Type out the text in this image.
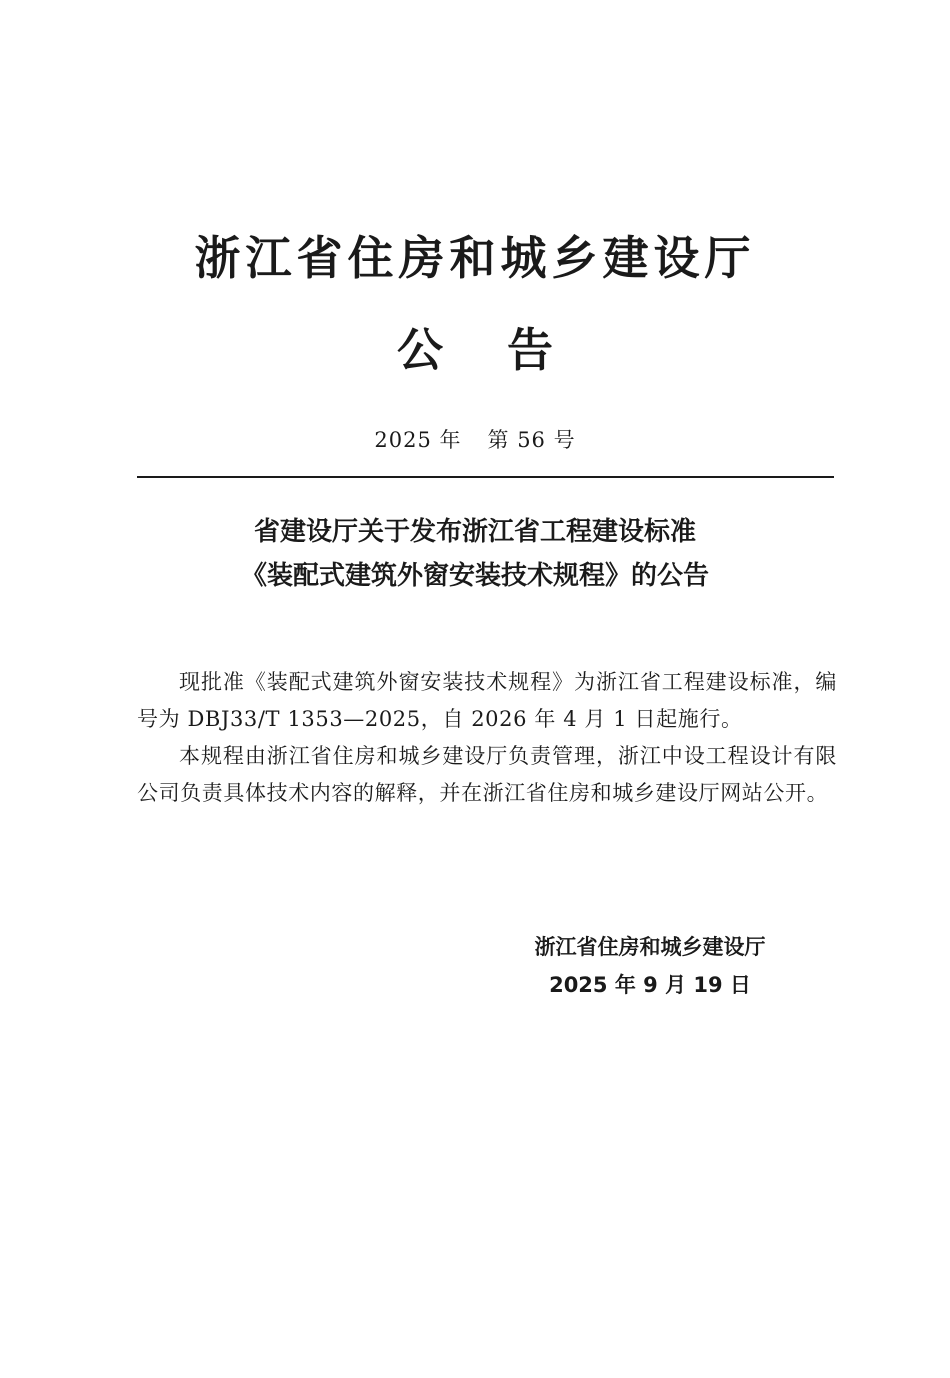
浙江省住房和城乡建设厅
公 告
2025 年 第 56 号
省建设厅关于发布浙江省工程建设标准
《装配式建筑外窗安装技术规程》的公告

现批准《装配式建筑外窗安装技术规程》为浙江省工程建设标准，编号为 DBJ33/T 1353—2025，自 2026 年 4 月 1 日起施行。

本规程由浙江省住房和城乡建设厅负责管理，浙江中设工程设计有限公司负责具体技术内容的解释，并在浙江省住房和城乡建设厅网站公开。

浙江省住房和城乡建设厅
2025 年 9 月 19 日
